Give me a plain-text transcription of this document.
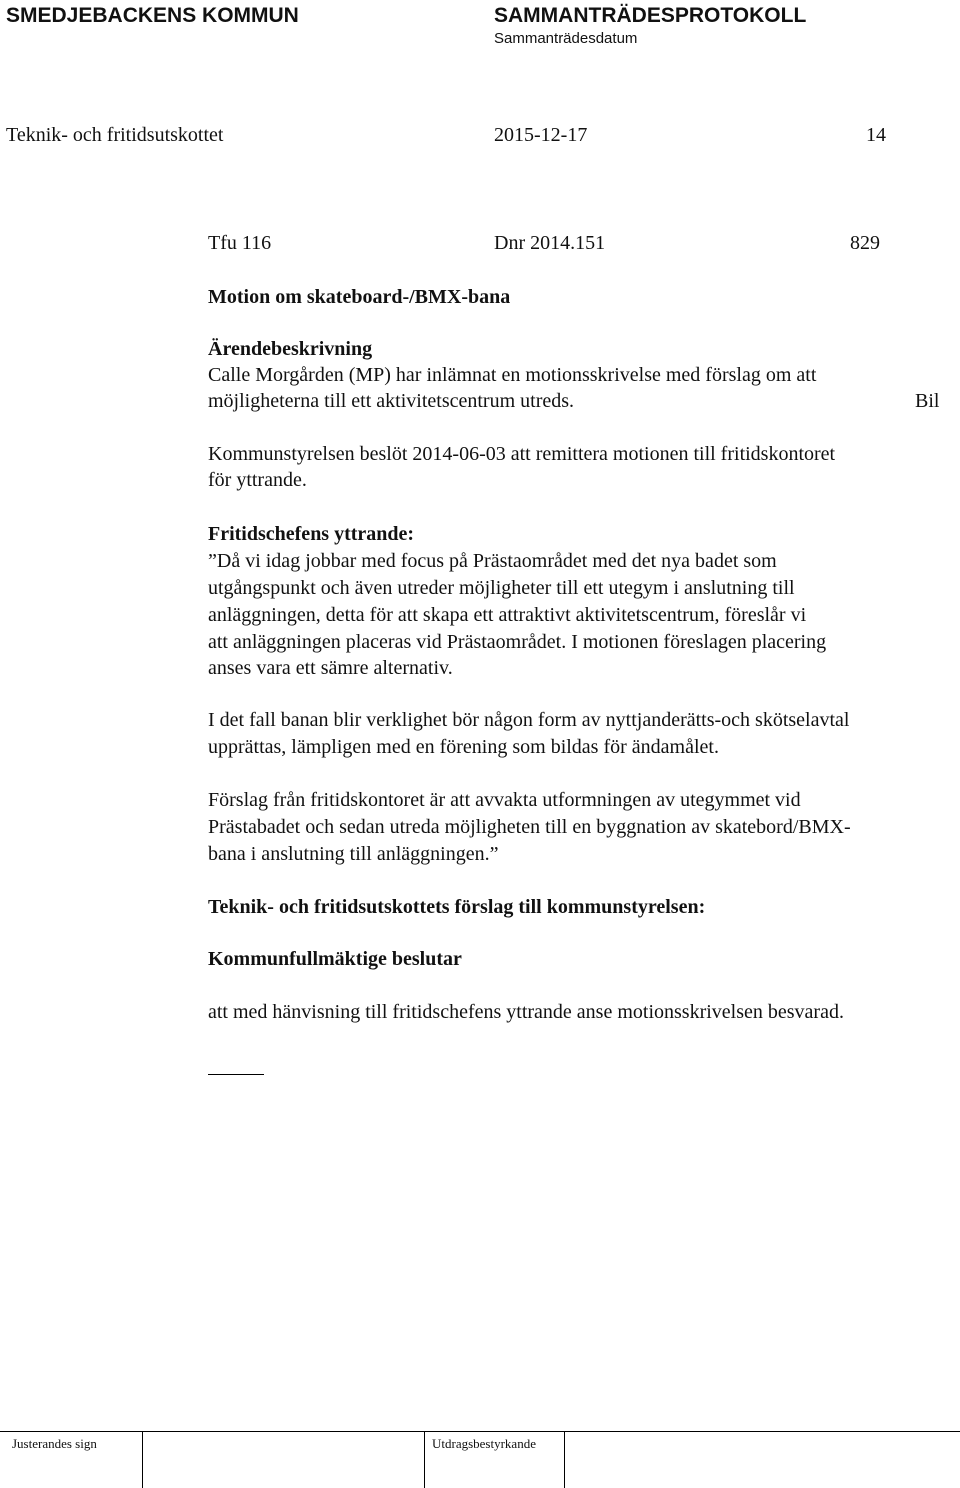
SMEDJEBACKENS KOMMUN	SAMMANTRÄDESPROTOKOLL
Sammanträdesdatum
Teknik- och fritidsutskottet	2015-12-17	14
Tfu 116	Dnr 2014.151	829
Motion om skateboard-/BMX-bana
Ärendebeskrivning
Calle Morgården (MP) har inlämnat en motionsskrivelse med förslag om att
möjligheterna till ett aktivitetscentrum utreds.	Bil
Kommunstyrelsen beslöt 2014-06-03 att remittera motionen till fritidskontoret
för yttrande.
Fritidschefens yttrande:
”Då vi idag jobbar med focus på Prästaområdet med det nya badet som
utgångspunkt och även utreder möjligheter till ett utegym i anslutning till
anläggningen, detta för att skapa ett attraktivt aktivitetscentrum, föreslår vi
att anläggningen placeras vid Prästaområdet. I motionen föreslagen placering
anses vara ett sämre alternativ.
I det fall banan blir verklighet bör någon form av nyttjanderätts-och skötselavtal
upprättas, lämpligen med en förening som bildas för ändamålet.
Förslag från fritidskontoret är att avvakta utformningen av utegymmet vid
Prästabadet och sedan utreda möjligheten till en byggnation av skatebord/BMX-
bana i anslutning till anläggningen.”
Teknik- och fritidsutskottets förslag till kommunstyrelsen:
Kommunfullmäktige beslutar
att med hänvisning till fritidschefens yttrande anse motionsskrivelsen besvarad.
Justerandes sign	Utdragsbestyrkande
